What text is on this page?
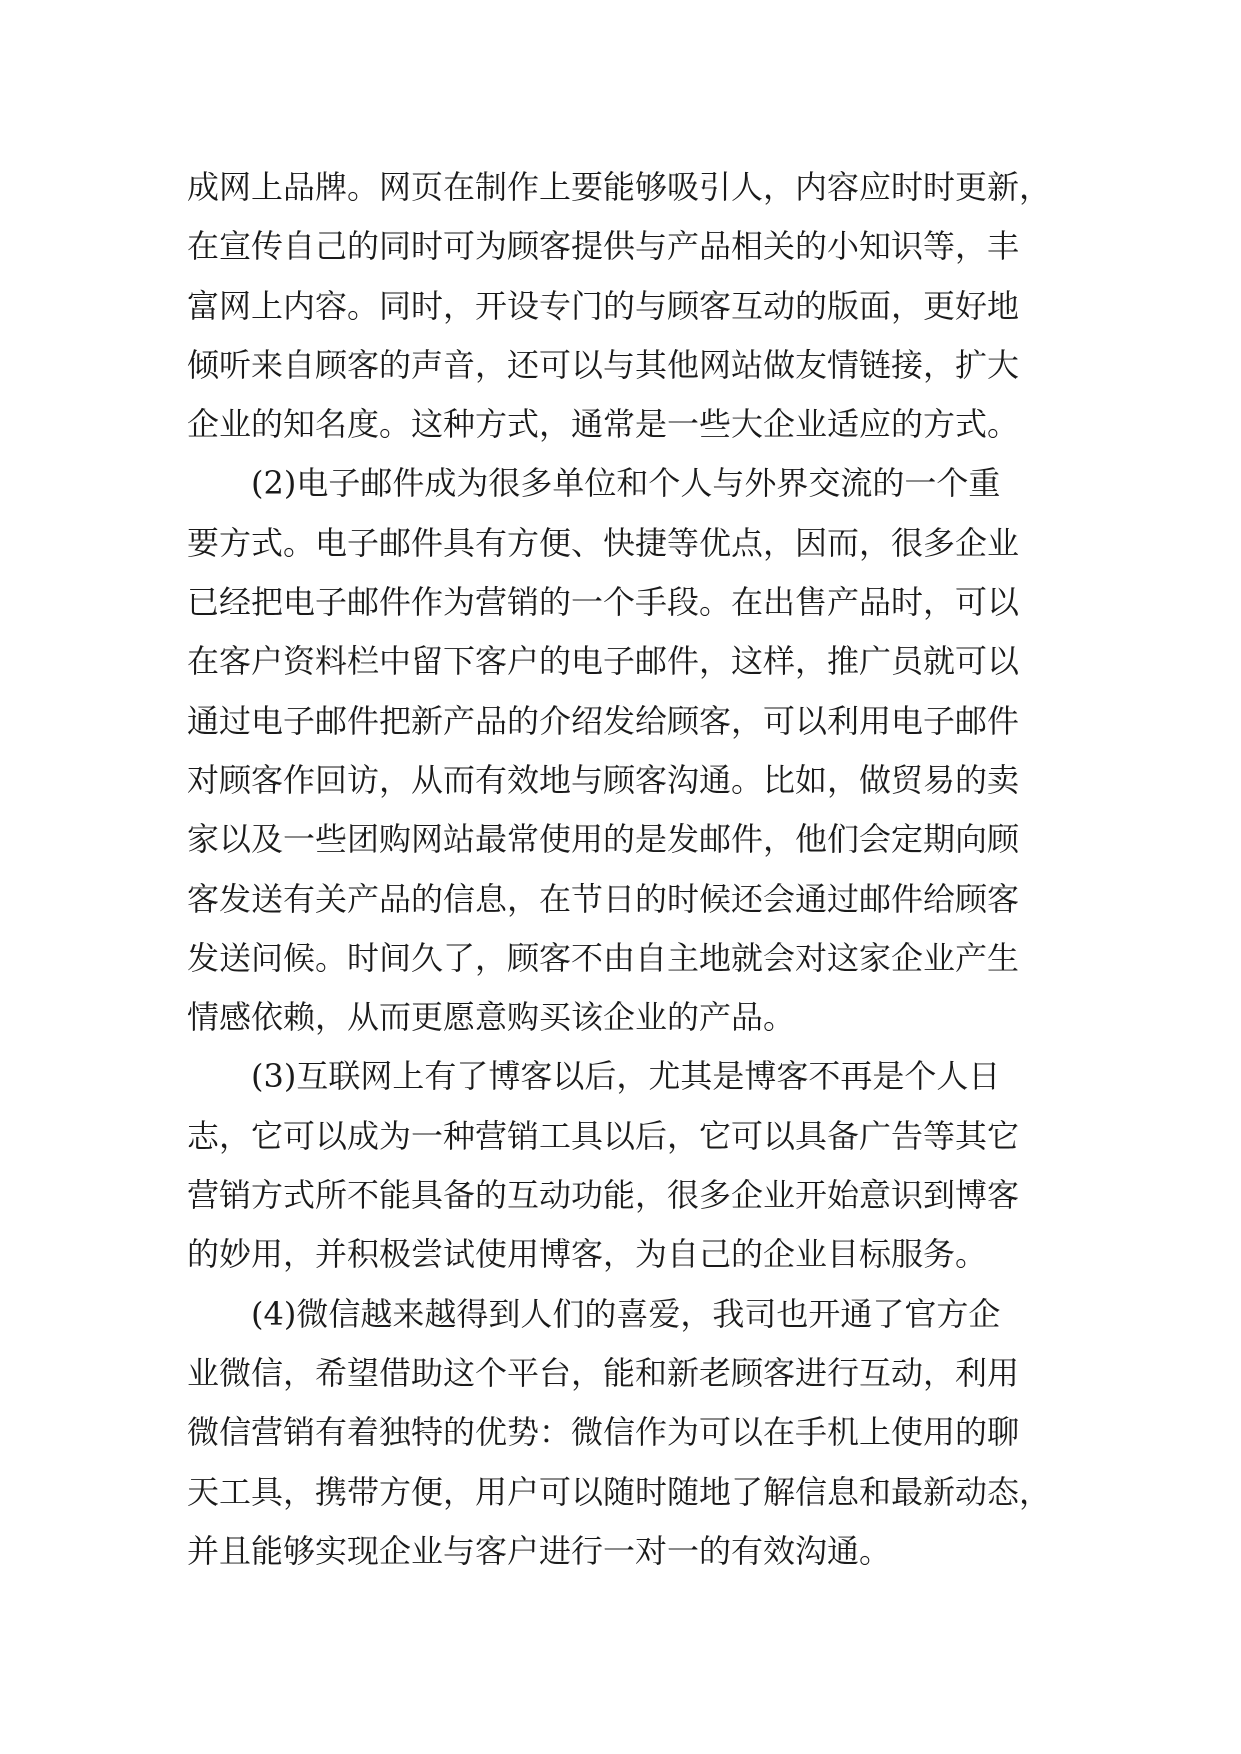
成网上品牌。网页在制作上要能够吸引人，内容应时时更新，
在宣传自己的同时可为顾客提供与产品相关的小知识等，丰
富网上内容。同时，开设专门的与顾客互动的版面，更好地
倾听来自顾客的声音，还可以与其他网站做友情链接，扩大
企业的知名度。这种方式，通常是一些大企业适应的方式。
(2)电子邮件成为很多单位和个人与外界交流的一个重
要方式。电子邮件具有方便、快捷等优点，因而，很多企业
已经把电子邮件作为营销的一个手段。在出售产品时，可以
在客户资料栏中留下客户的电子邮件，这样，推广员就可以
通过电子邮件把新产品的介绍发给顾客，可以利用电子邮件
对顾客作回访，从而有效地与顾客沟通。比如，做贸易的卖
家以及一些团购网站最常使用的是发邮件，他们会定期向顾
客发送有关产品的信息，在节日的时候还会通过邮件给顾客
发送问候。时间久了，顾客不由自主地就会对这家企业产生
情感依赖，从而更愿意购买该企业的产品。
(3)互联网上有了博客以后，尤其是博客不再是个人日
志，它可以成为一种营销工具以后，它可以具备广告等其它
营销方式所不能具备的互动功能，很多企业开始意识到博客
的妙用，并积极尝试使用博客，为自己的企业目标服务。
(4)微信越来越得到人们的喜爱，我司也开通了官方企
业微信，希望借助这个平台，能和新老顾客进行互动，利用
微信营销有着独特的优势：微信作为可以在手机上使用的聊
天工具，携带方便，用户可以随时随地了解信息和最新动态，
并且能够实现企业与客户进行一对一的有效沟通。
